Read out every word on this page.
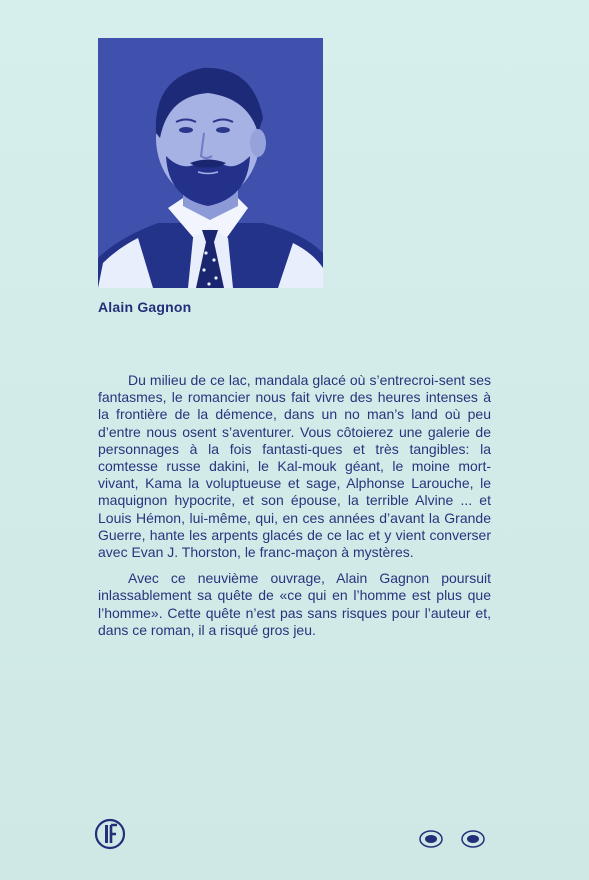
Alain Gagnon

Du milieu de ce lac, mandala glacé où s’entrecroi-sent ses fantasmes, le romancier nous fait vivre des heures intenses à la frontière de la démence, dans un no man’s land où peu d’entre nous osent s’aventurer. Vous côtoierez une galerie de personnages à la fois fantasti-ques et très tangibles: la comtesse russe dakini, le Kal-mouk géant, le moine mort-vivant, Kama la voluptueuse et sage, Alphonse Larouche, le maquignon hypocrite, et son épouse, la terrible Alvine ... et Louis Hémon, lui-même, qui, en ces années d’avant la Grande Guerre, hante les arpents glacés de ce lac et y vient converser avec Evan J. Thorston, le franc-maçon à mystères.

Avec ce neuvième ouvrage, Alain Gagnon poursuit inlassablement sa quête de «ce qui en l’homme est plus que l’homme». Cette quête n’est pas sans risques pour l’auteur et, dans ce roman, il a risqué gros jeu.
